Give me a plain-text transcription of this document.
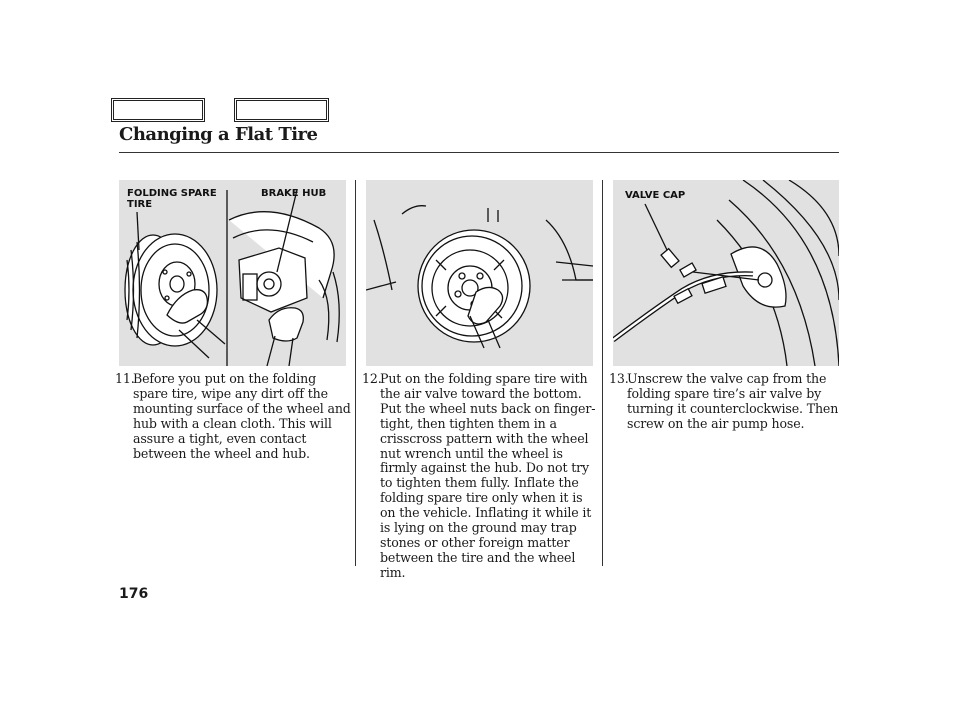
Changing a Flat Tire
FOLDING SPARE
TIRE
BRAKE HUB	VALVE CAP
11.
Before you put on the folding
spare tire, wipe any dirt off the
mounting surface of the wheel and
hub with a clean cloth. This will
assure a tight, even contact
between the wheel and hub.
12.
Put on the folding spare tire with
the air valve toward the bottom.
Put the wheel nuts back on finger-
tight, then tighten them in a
crisscross pattern with the wheel
nut wrench until the wheel is
firmly against the hub. Do not try
to tighten them fully. Inflate the
folding spare tire only when it is
on the vehicle. Inflating it while it
is lying on the ground may trap
stones or other foreign matter
between the tire and the wheel rim.
13.
Unscrew the valve cap from the
folding spare tire’s air valve by
turning it counterclockwise. Then
screw on the air pump hose.
176
